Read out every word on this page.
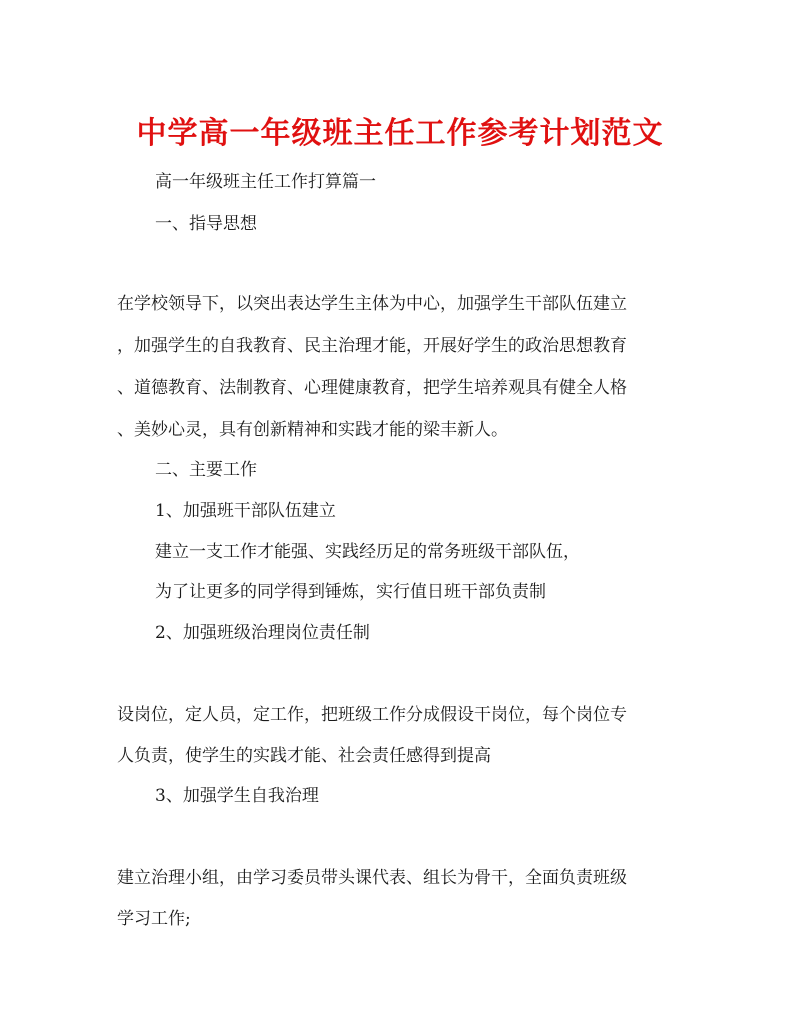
中学高一年级班主任工作参考计划范文
高一年级班主任工作打算篇一
一、指导思想
在学校领导下，以突出表达学生主体为中心，加强学生干部队伍建立
，加强学生的自我教育、民主治理才能，开展好学生的政治思想教育
、道德教育、法制教育、心理健康教育，把学生培养观具有健全人格
、美妙心灵，具有创新精神和实践才能的梁丰新人。
二、主要工作
1、加强班干部队伍建立
建立一支工作才能强、实践经历足的常务班级干部队伍，
为了让更多的同学得到锤炼，实行值日班干部负责制
2、加强班级治理岗位责任制
设岗位，定人员，定工作，把班级工作分成假设干岗位，每个岗位专
人负责，使学生的实践才能、社会责任感得到提高
3、加强学生自我治理
建立治理小组，由学习委员带头课代表、组长为骨干，全面负责班级
学习工作;
